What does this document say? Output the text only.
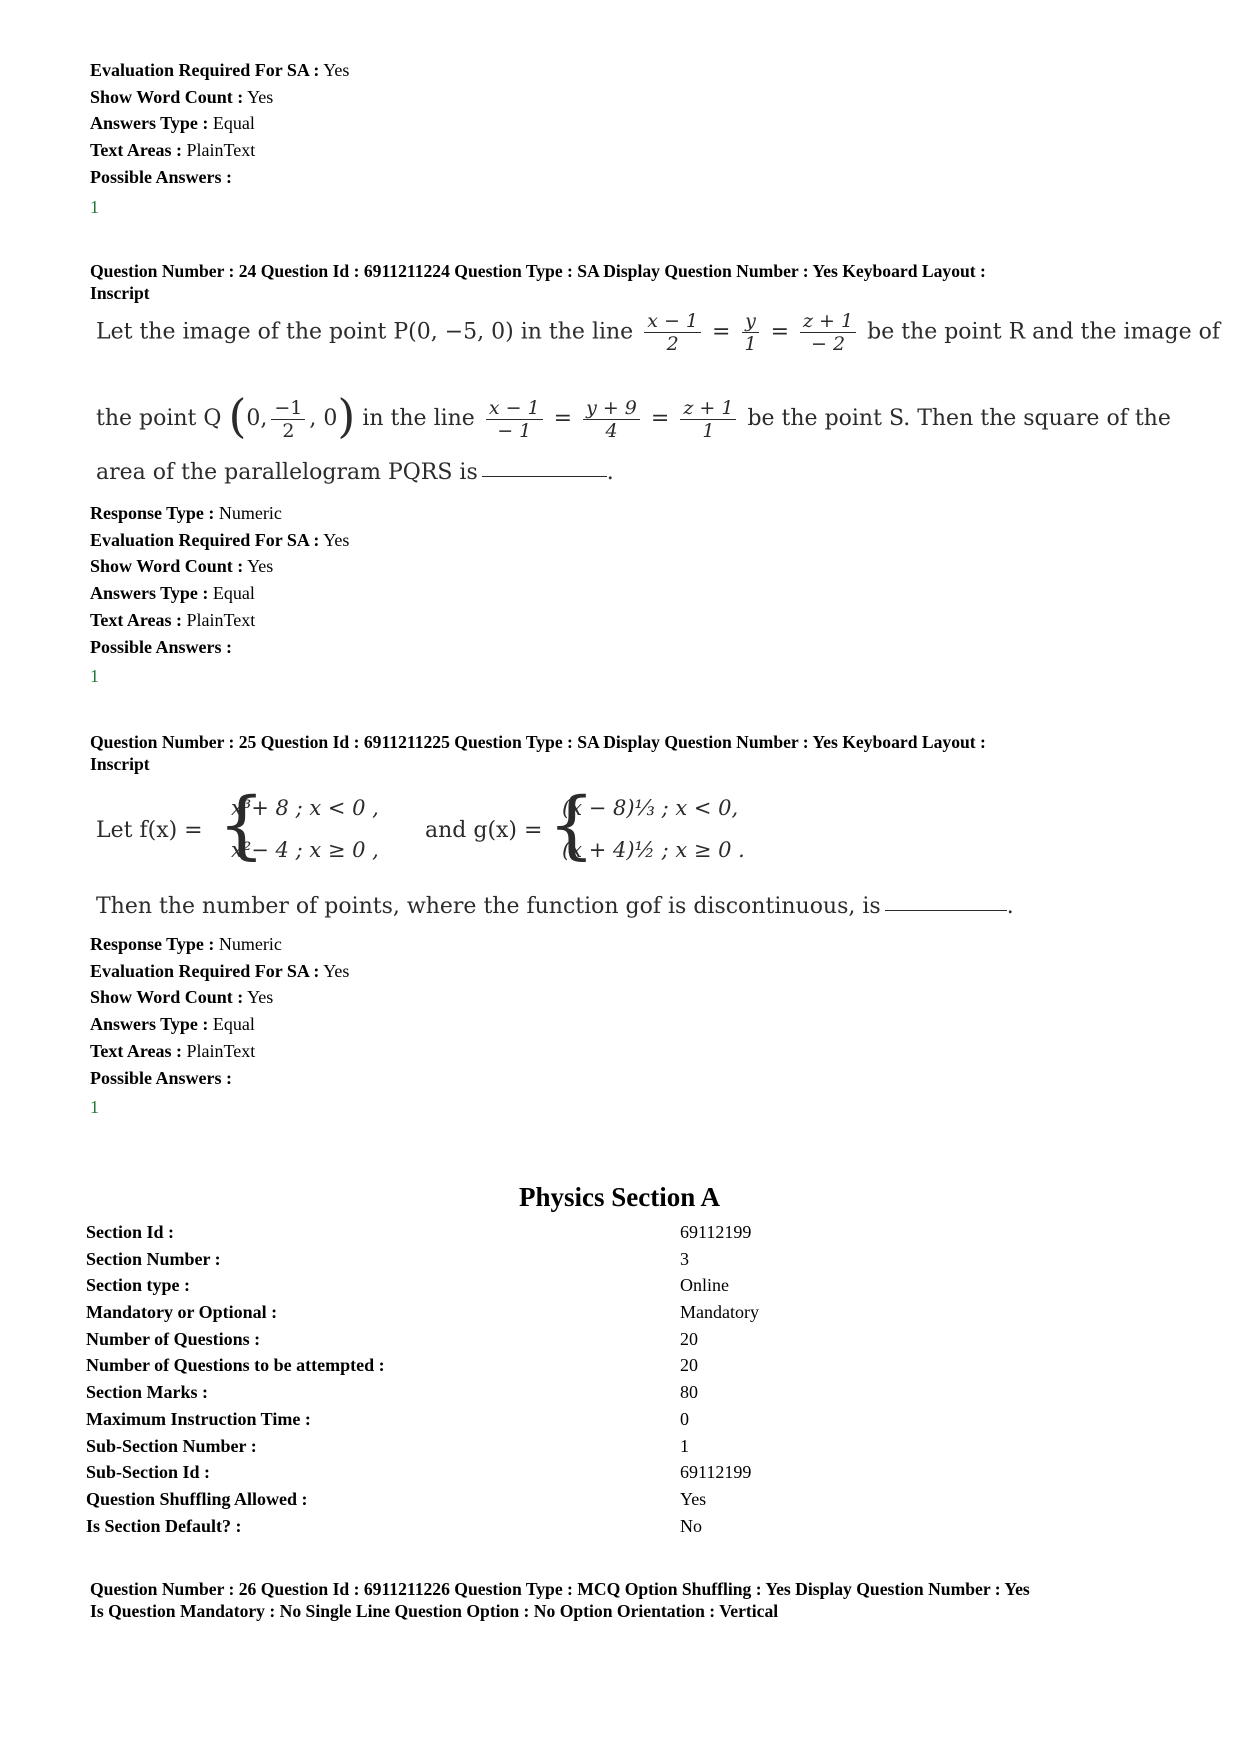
Evaluation Required For SA : Yes
Show Word Count : Yes
Answers Type : Equal
Text Areas : PlainText
Possible Answers :
1
Question Number : 24 Question Id : 6911211224 Question Type : SA Display Question Number : Yes Keyboard Layout :
Inscript
Let the image of the point P(0, −5, 0) in the line $\frac{x - 1}{2} = \frac{y}{1} = \frac{z + 1}{- 2}$ be the point R and the image of
the point Q (0, $\frac{-1}{2}$ , 0) in the line $\frac{x - 1}{- 1} = \frac{y + 9}{4} = \frac{z + 1}{1}$ be the point S. Then the square of the
area of the parallelogram PQRS is	.
Response Type : Numeric
Evaluation Required For SA : Yes
Show Word Count : Yes
Answers Type : Equal
Text Areas : PlainText
Possible Answers :
1
Question Number : 25 Question Id : 6911211225 Question Type : SA Display Question Number : Yes Keyboard Layout :
Inscript
Let f(x) = {
x³+ 8 ; x < 0 ,
x²− 4 ; x ≥ 0 ,
and g(x) = {
(x − 8)⅓ ; x < 0,
(x + 4)½ ; x ≥ 0 .
Then the number of points, where the function gof is discontinuous, is	.
Response Type : Numeric
Evaluation Required For SA : Yes
Show Word Count : Yes
Answers Type : Equal
Text Areas : PlainText
Possible Answers :
1
Physics Section A
Section Id :	69112199
Section Number :	3
Section type :	Online
Mandatory or Optional :	Mandatory
Number of Questions :	20
Number of Questions to be attempted :	20
Section Marks :	80
Maximum Instruction Time :	0
Sub-Section Number :	1
Sub-Section Id :	69112199
Question Shuffling Allowed :	Yes
Is Section Default? :	No
Question Number : 26 Question Id : 6911211226 Question Type : MCQ Option Shuffling : Yes Display Question Number : Yes
Is Question Mandatory : No Single Line Question Option : No Option Orientation : Vertical
